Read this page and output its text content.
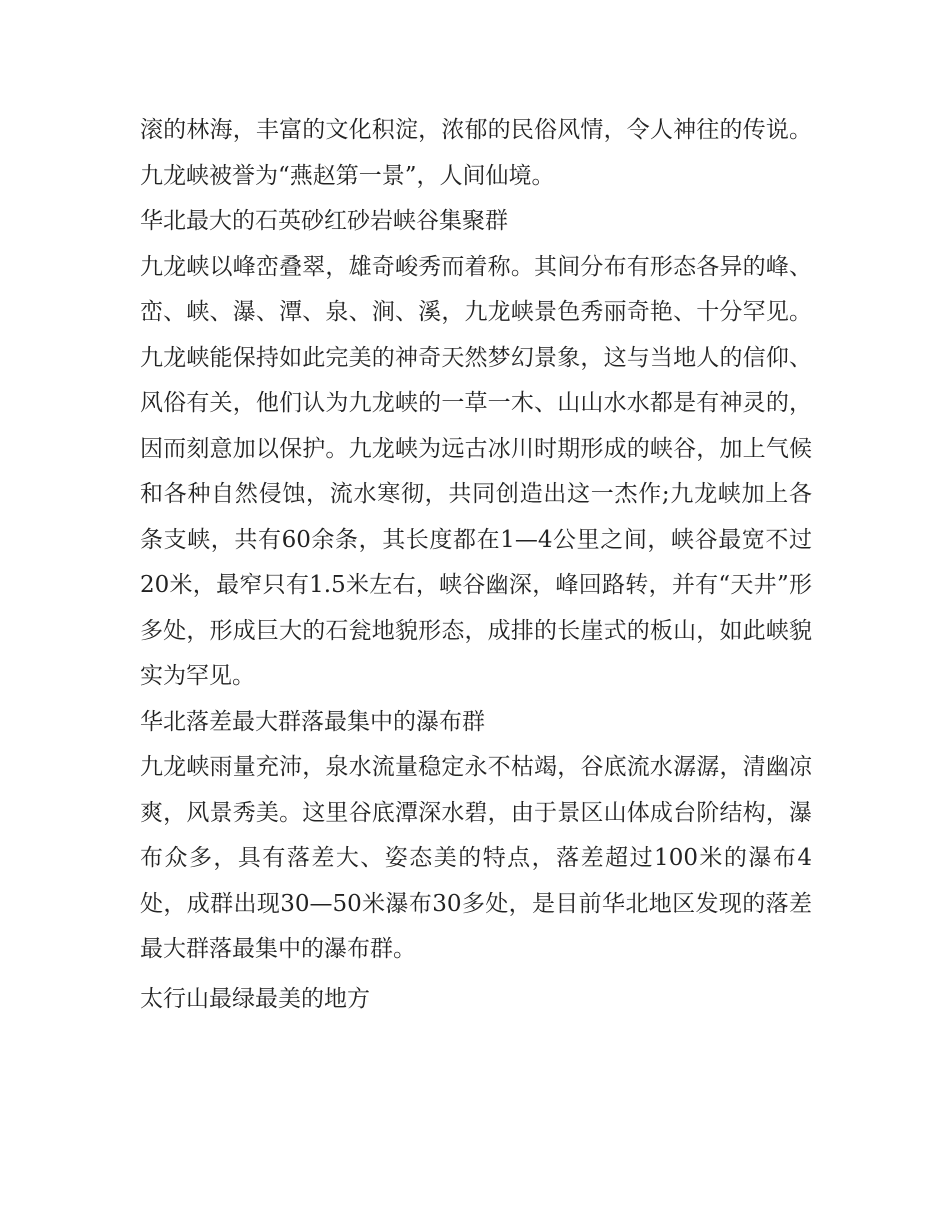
滚的林海，丰富的文化积淀，浓郁的民俗风情，令人神往的传说。九龙峡被誉为“燕赵第一景”，人间仙境。

华北最大的石英砂红砂岩峡谷集聚群

九龙峡以峰峦叠翠，雄奇峻秀而着称。其间分布有形态各异的峰、峦、峡、瀑、潭、泉、涧、溪，九龙峡景色秀丽奇艳、十分罕见。九龙峡能保持如此完美的神奇天然梦幻景象，这与当地人的信仰、风俗有关，他们认为九龙峡的一草一木、山山水水都是有神灵的，因而刻意加以保护。九龙峡为远古冰川时期形成的峡谷，加上气候和各种自然侵蚀，流水寒彻，共同创造出这一杰作;九龙峡加上各条支峡，共有60余条，其长度都在1—4公里之间，峡谷最宽不过20米，最窄只有1.5米左右，峡谷幽深，峰回路转，并有“天井”形多处，形成巨大的石瓮地貌形态，成排的长崖式的板山，如此峡貌实为罕见。

华北落差最大群落最集中的瀑布群

九龙峡雨量充沛，泉水流量稳定永不枯竭，谷底流水潺潺，清幽凉爽，风景秀美。这里谷底潭深水碧，由于景区山体成台阶结构，瀑布众多，具有落差大、姿态美的特点，落差超过100米的瀑布4处，成群出现30—50米瀑布30多处，是目前华北地区发现的落差最大群落最集中的瀑布群。

太行山最绿最美的地方
